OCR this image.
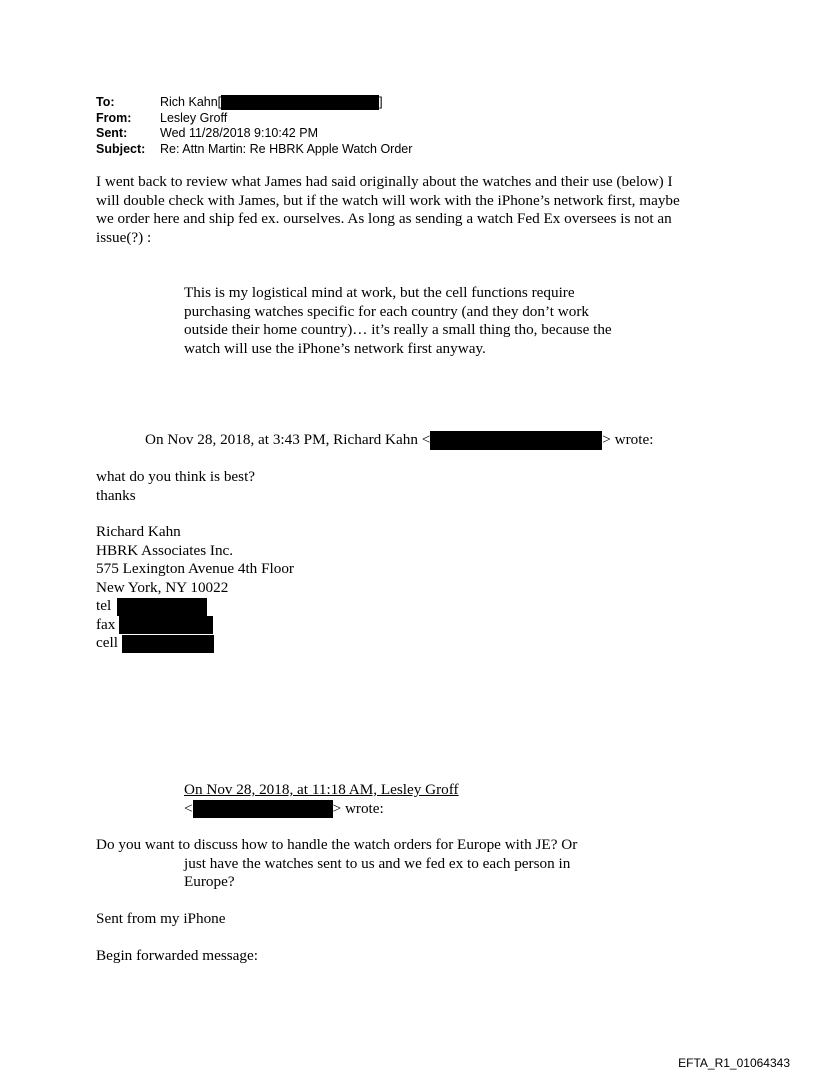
To:	Rich Kahn[	]
From:	Lesley Groff
Sent:	Wed 11/28/2018 9:10:42 PM
Subject:	Re: Attn Martin: Re HBRK Apple Watch Order
I went back to review what James had said originally about the watches and their use (below) I
will double check with James, but if the watch will work with the iPhone’s network first, maybe
we order here and ship fed ex. ourselves. As long as sending a watch Fed Ex oversees is not an
issue(?) :
This is my logistical mind at work, but the cell functions require
purchasing watches specific for each country (and they don’t work
outside their home country)… it’s really a small thing tho, because the
watch will use the iPhone’s network first anyway.
On Nov 28, 2018, at 3:43 PM, Richard Kahn <	> wrote:
what do you think is best?
thanks
Richard Kahn
HBRK Associates Inc.
575 Lexington Avenue 4th Floor
New York, NY 10022
tel
fax
cell
On Nov 28, 2018, at 11:18 AM, Lesley Groff
<	> wrote:
Do you want to discuss how to handle the watch orders for Europe with JE? Or
just have the watches sent to us and we fed ex to each person in
Europe?
Sent from my iPhone
Begin forwarded message:
EFTA_R1_01064343
